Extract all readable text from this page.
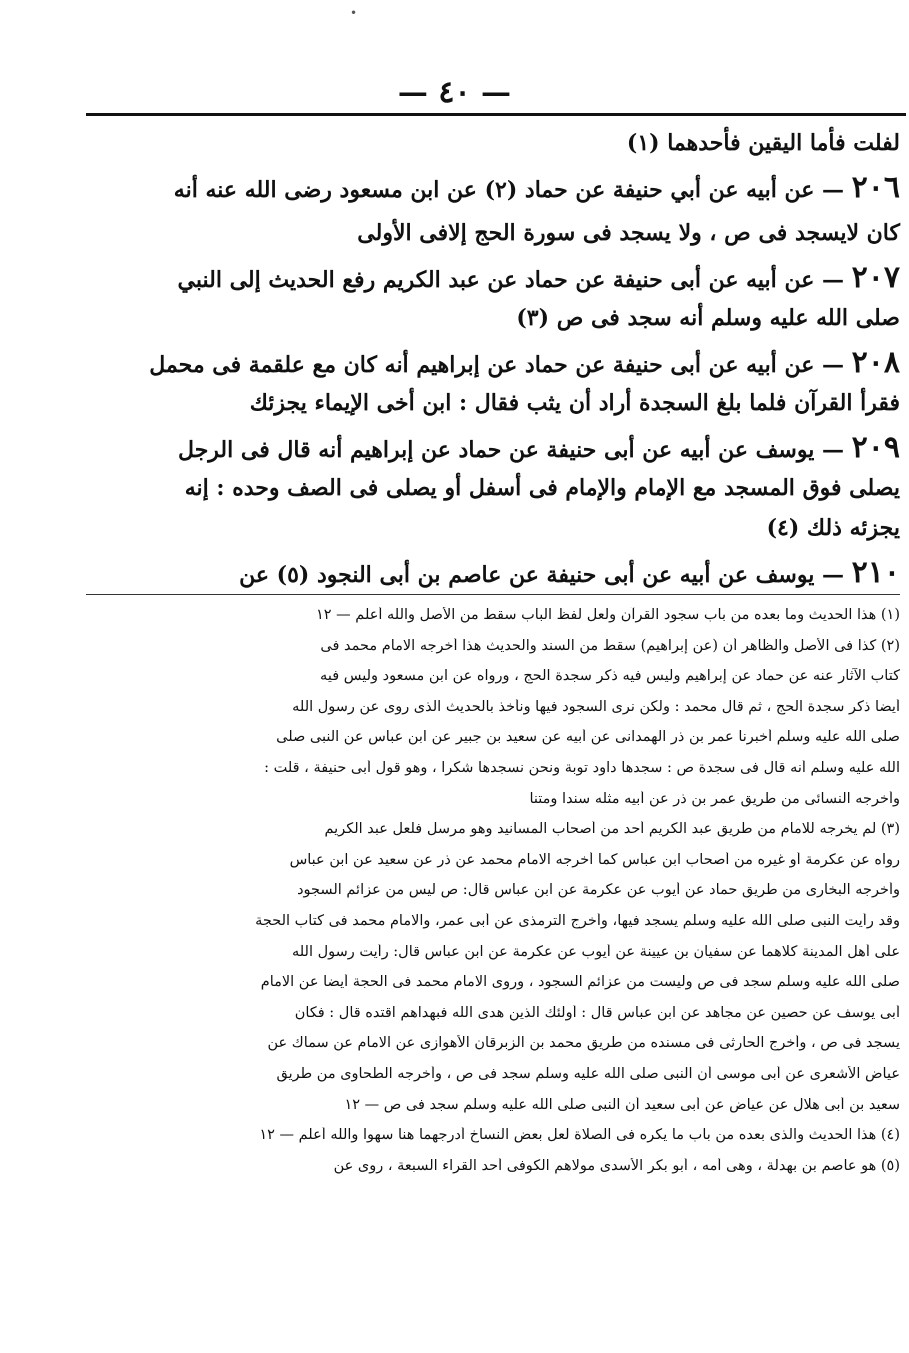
— ٤٠ —
لفلت فأما اليقين فأحدهما (١)
٢٠٦ — عن أبيه عن أبي حنيفة عن حماد (٢) عن ابن مسعود رضى الله عنه أنه
كان لايسجد فى ص ، ولا يسجد فى سورة الحج إلافى الأولى
٢٠٧ — عن أبيه عن أبى حنيفة عن حماد عن عبد الكريم رفع الحديث إلى النبي
صلى الله عليه وسلم أنه سجد فى ص (٣)
٢٠٨ — عن أبيه عن أبى حنيفة عن حماد عن إبراهيم أنه كان مع علقمة فى محمل
فقرأ القرآن فلما بلغ السجدة أراد أن يثب فقال : ابن أخى الإيماء يجزئك
٢٠٩ — يوسف عن أبيه عن أبى حنيفة عن حماد عن إبراهيم أنه قال فى الرجل
يصلى فوق المسجد مع الإمام والإمام فى أسفل أو يصلى فى الصف وحده : إنه
يجزئه ذلك (٤)
٢١٠ — يوسف عن أبيه عن أبى حنيفة عن عاصم بن أبى النجود (٥) عن
(١) هذا الحديث وما بعده من باب سجود القرآن ولعل لفظ الباب سقط من الأصل والله أعلم — ١٢
(٢) كذا فى الأصل والظاهر أن (عن إبراهيم) سقط من السند والحديث هذا أخرجه الامام محمد فى
كتاب الآثار عنه عن حماد عن إبراهيم وليس فيه ذكر سجدة الحج ، ورواه عن ابن مسعود وليس فيه
أيضا ذكر سجدة الحج ، ثم قال محمد : ولكن نرى السجود فيها ونأخذ بالحديث الذى روى عن رسول الله
صلى الله عليه وسلم أخبرنا عمر بن ذر الهمدانى عن أبيه عن سعيد بن جبير عن ابن عباس عن النبى صلى
الله عليه وسلم أنه قال فى سجدة ص : سجدها داود توبة ونحن نسجدها شكرا ، وهو قول أبى حنيفة ، قلت :
وأخرجه النسائى من طريق عمر بن ذر عن أبيه مثله سندا ومتنا
(٣) لم يخرجه للامام من طريق عبد الكريم أحد من أصحاب المسانيد وهو مرسل فلعل عبد الكريم
رواه عن عكرمة أو غيره من أصحاب ابن عباس كما أخرجه الامام محمد عن ذر عن سعيد عن ابن عباس
وأخرجه البخارى من طريق حماد عن أيوب عن عكرمة عن ابن عباس قال: ص ليس من عزائم السجود
وقد رأيت النبى صلى الله عليه وسلم يسجد فيها، وأخرج الترمذى عن أبى عمر، والامام محمد فى كتاب الحجة
على أهل المدينة كلاهما عن سفيان بن عيينة عن أيوب عن عكرمة عن ابن عباس قال: رأيت رسول الله
صلى الله عليه وسلم سجد فى ص وليست من عزائم السجود ، وروى الامام محمد فى الحجة أيضا عن الامام
أبى يوسف عن حصين عن مجاهد عن ابن عباس قال : أولئك الذين هدى الله فبهداهم اقتده قال : فكان
يسجد فى ص ، وأخرج الحارثى فى مسنده من طريق محمد بن الزبرقان الأهوازى عن الامام عن سماك عن
عياض الأشعرى عن أبى موسى أن النبى صلى الله عليه وسلم سجد فى ص ، وأخرجه الطحاوى من طريق
سعيد بن أبى هلال عن عياض عن أبى سعيد أن النبى صلى الله عليه وسلم سجد فى ص — ١٢
(٤) هذا الحديث والذى بعده من باب ما يكره فى الصلاة لعل بعض النساخ أدرجهما هنا سهوا والله أعلم — ١٢
(٥) هو عاصم بن بهدلة ، وهى أمه ، أبو بكر الأسدى مولاهم الكوفى أحد القراء السبعة ، روى عن
•
